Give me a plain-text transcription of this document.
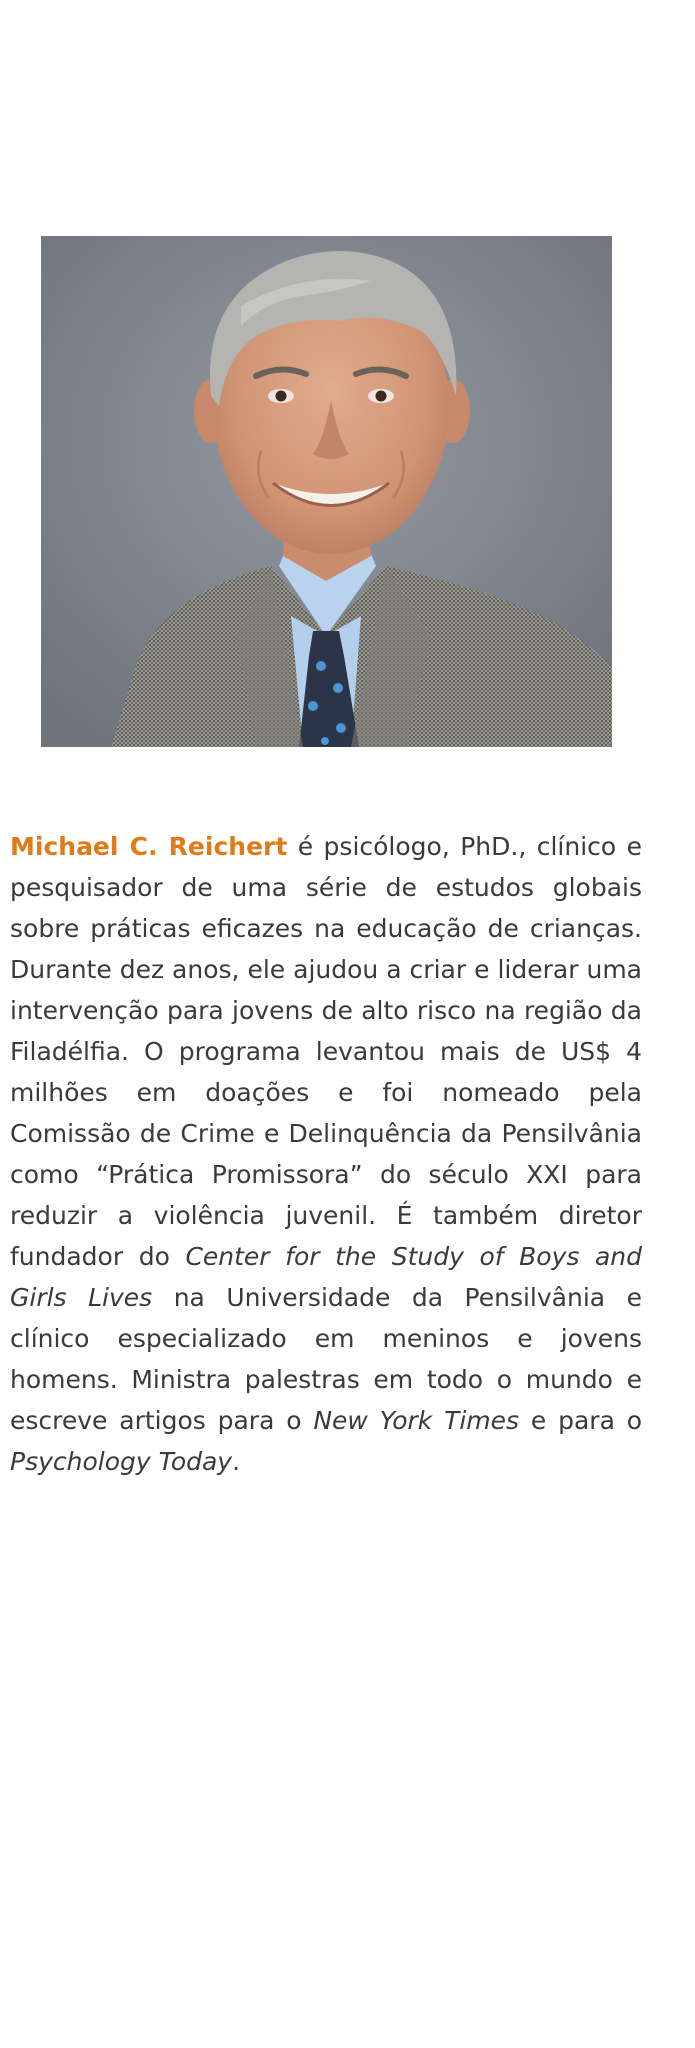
Michael C. Reichert é psicólogo, PhD., clínico e pesquisador de uma série de estudos globais sobre práticas eficazes na educação de crianças. Durante dez anos, ele ajudou a criar e liderar uma intervenção para jovens de alto risco na região da Filadélfia. O programa levantou mais de US$ 4 milhões em doações e foi nomeado pela Comissão de Crime e Delinquência da Pensilvânia como “Prática Promissora” do século XXI para reduzir a violência juvenil. É também diretor fundador do Center for the Study of Boys and Girls Lives na Universidade da Pensilvânia e clínico especializado em meninos e jovens homens. Ministra palestras em todo o mundo e escreve artigos para o New York Times e para o Psychology Today.
